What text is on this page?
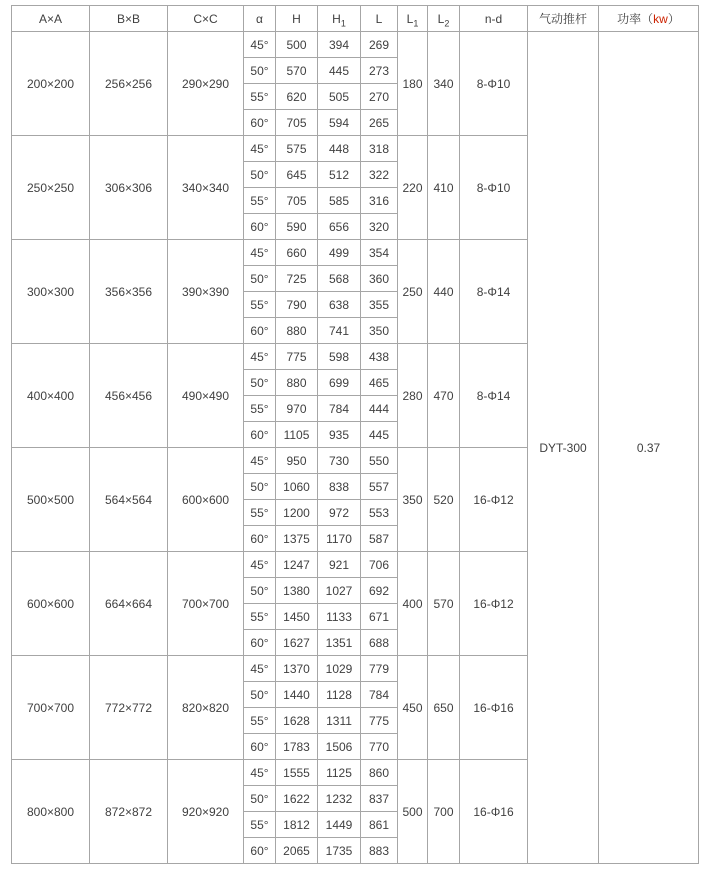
A×A	B×B	C×C	α	H	$H_1$	L	$L_1$	$L_2$	n-d	气动推杆	功率（kw）
200×200	256×256	290×290	45°	500	394	269	180	340	8-Φ10	DYT-300	0.37
			50°	570	445	273					
			55°	620	505	270					
			60°	705	594	265					
250×250	306×306	340×340	45°	575	448	318	220	410	8-Φ10		
			50°	645	512	322					
			55°	705	585	316					
			60°	590	656	320					
300×300	356×356	390×390	45°	660	499	354	250	440	8-Φ14		
			50°	725	568	360					
			55°	790	638	355					
			60°	880	741	350					
400×400	456×456	490×490	45°	775	598	438	280	470	8-Φ14		
			50°	880	699	465					
			55°	970	784	444					
			60°	1105	935	445					
500×500	564×564	600×600	45°	950	730	550	350	520	16-Φ12		
			50°	1060	838	557					
			55°	1200	972	553					
			60°	1375	1170	587					
600×600	664×664	700×700	45°	1247	921	706	400	570	16-Φ12		
			50°	1380	1027	692					
			55°	1450	1133	671					
			60°	1627	1351	688					
700×700	772×772	820×820	45°	1370	1029	779	450	650	16-Φ16		
			50°	1440	1128	784					
			55°	1628	1311	775					
			60°	1783	1506	770					
800×800	872×872	920×920	45°	1555	1125	860	500	700	16-Φ16		
			50°	1622	1232	837					
			55°	1812	1449	861					
			60°	2065	1735	883					
